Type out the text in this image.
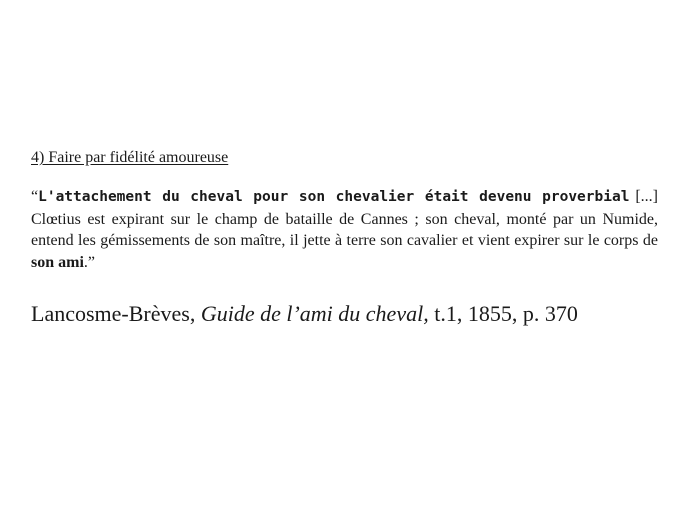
4) Faire par fidélité amoureuse
“L'attachement du cheval pour son chevalier était devenu proverbial [...] Clœtius est expirant sur le champ de bataille de Cannes ; son cheval, monté par un Numide, entend les gémissements de son maître, il jette à terre son cavalier et vient expirer sur le corps de son ami.”
Lancosme-Brèves, Guide de l’ami du cheval, t.1, 1855, p. 370
